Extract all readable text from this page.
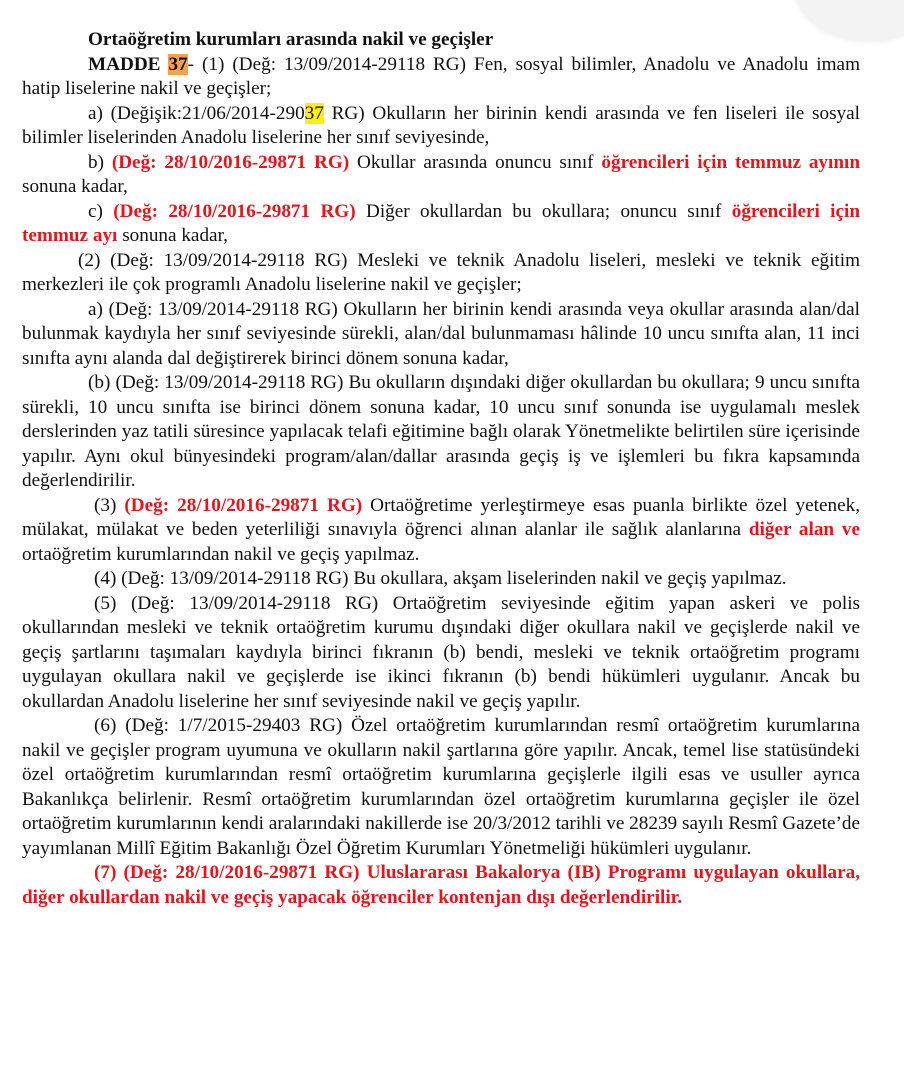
Ortaöğretim kurumları arasında nakil ve geçişler

MADDE 37- (1) (Değ: 13/09/2014-29118 RG) Fen, sosyal bilimler, Anadolu ve Anadolu imam hatip liselerine nakil ve geçişler;

a) (Değişik:21/06/2014-29037 RG) Okulların her birinin kendi arasında ve fen liseleri ile sosyal bilimler liselerinden Anadolu liselerine her sınıf seviyesinde,

b) (Değ: 28/10/2016-29871 RG) Okullar arasında onuncu sınıf öğrencileri için temmuz ayının sonuna kadar,

c) (Değ: 28/10/2016-29871 RG) Diğer okullardan bu okullara; onuncu sınıf öğrencileri için temmuz ayı sonuna kadar,

(2) (Değ: 13/09/2014-29118 RG) Mesleki ve teknik Anadolu liseleri, mesleki ve teknik eğitim merkezleri ile çok programlı Anadolu liselerine nakil ve geçişler;

a) (Değ: 13/09/2014-29118 RG) Okulların her birinin kendi arasında veya okullar arasında alan/dal bulunmak kaydıyla her sınıf seviyesinde sürekli, alan/dal bulunmaması hâlinde 10 uncu sınıfta alan, 11 inci sınıfta aynı alanda dal değiştirerek birinci dönem sonuna kadar,

(b) (Değ: 13/09/2014-29118 RG) Bu okulların dışındaki diğer okullardan bu okullara; 9 uncu sınıfta sürekli, 10 uncu sınıfta ise birinci dönem sonuna kadar, 10 uncu sınıf sonunda ise uygulamalı meslek derslerinden yaz tatili süresince yapılacak telafi eğitimine bağlı olarak Yönetmelikte belirtilen süre içerisinde yapılır. Aynı okul bünyesindeki program/alan/dallar arasında geçiş iş ve işlemleri bu fıkra kapsamında değerlendirilir.

(3) (Değ: 28/10/2016-29871 RG) Ortaöğretime yerleştirmeye esas puanla birlikte özel yetenek, mülakat, mülakat ve beden yeterliliği sınavıyla öğrenci alınan alanlar ile sağlık alanlarına diğer alan ve ortaöğretim kurumlarından nakil ve geçiş yapılmaz.

(4) (Değ: 13/09/2014-29118 RG) Bu okullara, akşam liselerinden nakil ve geçiş yapılmaz.

(5) (Değ: 13/09/2014-29118 RG) Ortaöğretim seviyesinde eğitim yapan askeri ve polis okullarından mesleki ve teknik ortaöğretim kurumu dışındaki diğer okullara nakil ve geçişlerde nakil ve geçiş şartlarını taşımaları kaydıyla birinci fıkranın (b) bendi, mesleki ve teknik ortaöğretim programı uygulayan okullara nakil ve geçişlerde ise ikinci fıkranın (b) bendi hükümleri uygulanır. Ancak bu okullardan Anadolu liselerine her sınıf seviyesinde nakil ve geçiş yapılır.

(6) (Değ: 1/7/2015-29403 RG) Özel ortaöğretim kurumlarından resmî ortaöğretim kurumlarına nakil ve geçişler program uyumuna ve okulların nakil şartlarına göre yapılır. Ancak, temel lise statüsündeki özel ortaöğretim kurumlarından resmî ortaöğretim kurumlarına geçişlerle ilgili esas ve usuller ayrıca Bakanlıkça belirlenir. Resmî ortaöğretim kurumlarından özel ortaöğretim kurumlarına geçişler ile özel ortaöğretim kurumlarının kendi aralarındaki nakillerde ise 20/3/2012 tarihli ve 28239 sayılı Resmî Gazete’de yayımlanan Millî Eğitim Bakanlığı Özel Öğretim Kurumları Yönetmeliği hükümleri uygulanır.

(7) (Değ: 28/10/2016-29871 RG) Uluslararası Bakalorya (IB) Programı uygulayan okullara, diğer okullardan nakil ve geçiş yapacak öğrenciler kontenjan dışı değerlendirilir.
